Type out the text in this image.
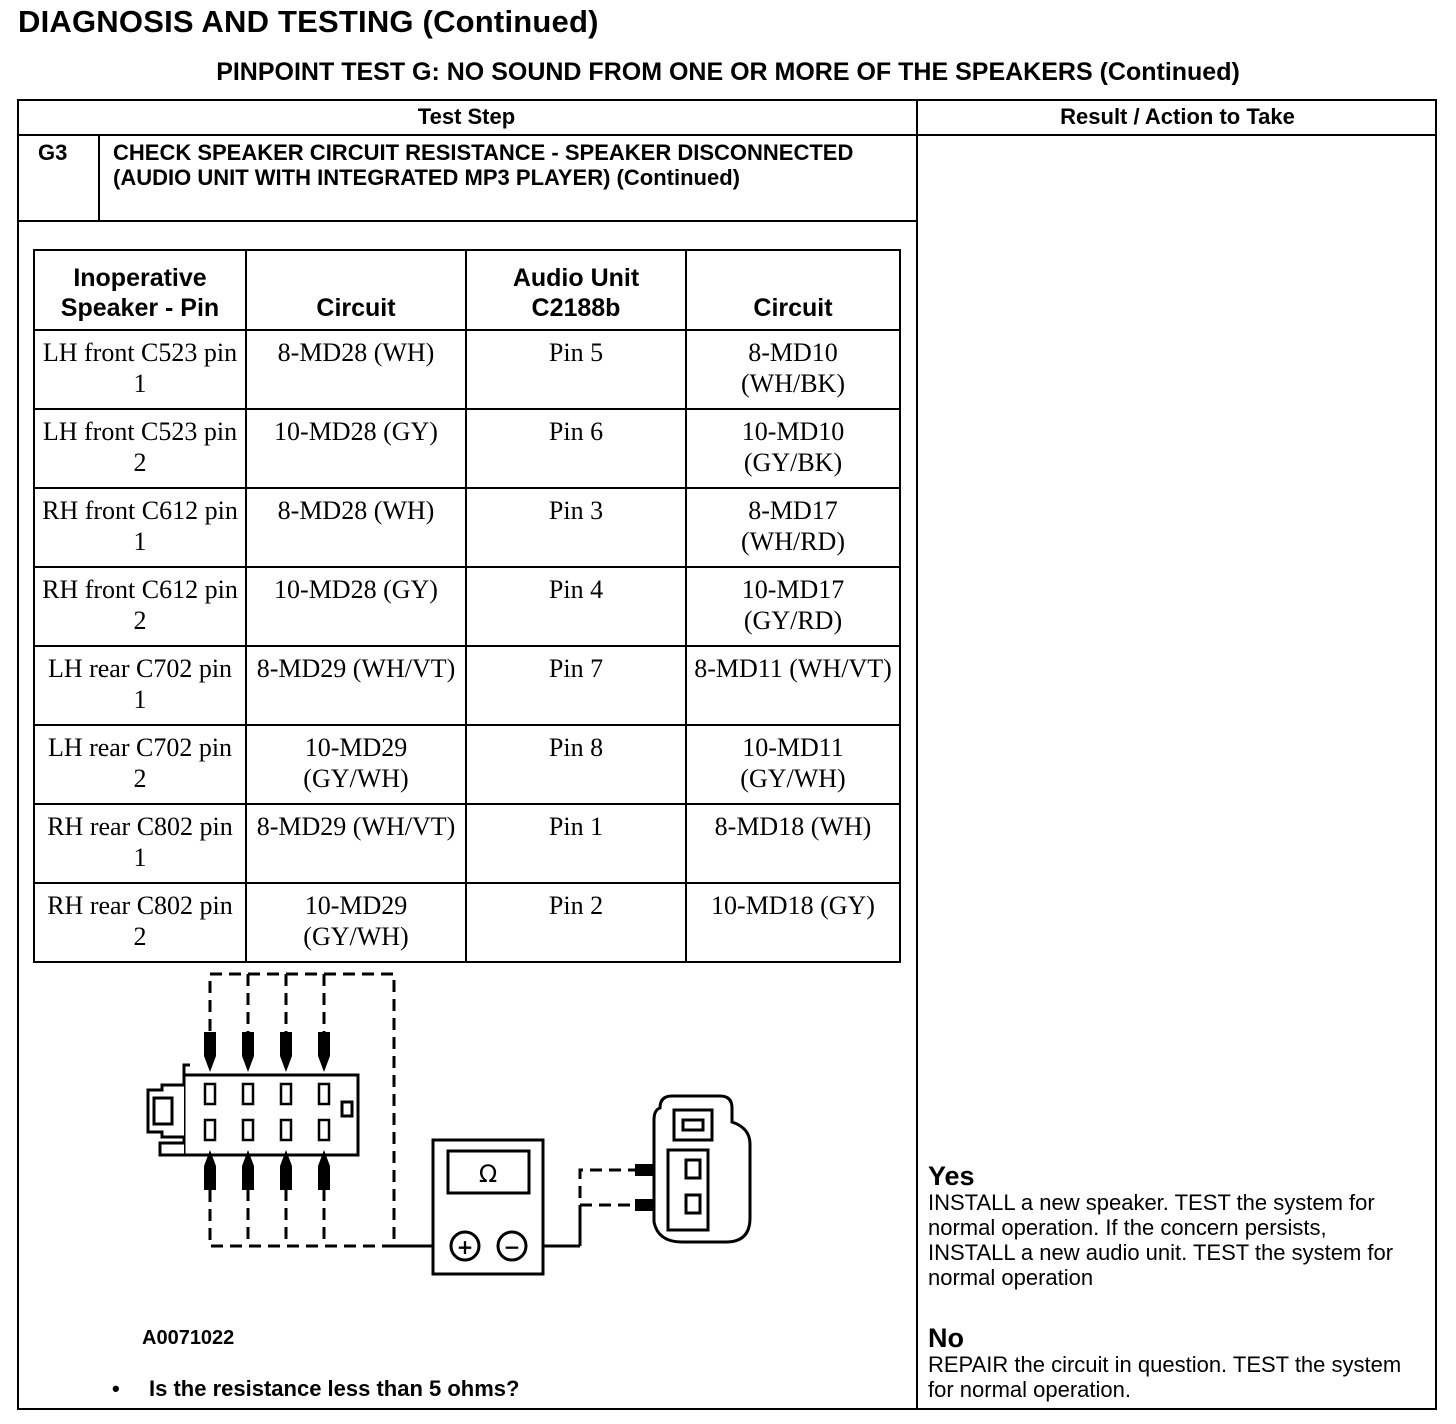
DIAGNOSIS AND TESTING (Continued)
PINPOINT TEST G: NO SOUND FROM ONE OR MORE OF THE SPEAKERS (Continued)
Test Step	Result / Action to Take
G3	CHECK SPEAKER CIRCUIT RESISTANCE - SPEAKER DISCONNECTED (AUDIO UNIT WITH INTEGRATED MP3 PLAYER) (Continued)
Inoperative Speaker - Pin	Circuit	Audio Unit C2188b	Circuit
LH front C523 pin 1	8-MD28 (WH)	Pin 5	8-MD10 (WH/BK)
LH front C523 pin 2	10-MD28 (GY)	Pin 6	10-MD10 (GY/BK)
RH front C612 pin 1	8-MD28 (WH)	Pin 3	8-MD17 (WH/RD)
RH front C612 pin 2	10-MD28 (GY)	Pin 4	10-MD17 (GY/RD)
LH rear C702 pin 1	8-MD29 (WH/VT)	Pin 7	8-MD11 (WH/VT)
LH rear C702 pin 2	10-MD29 (GY/WH)	Pin 8	10-MD11 (GY/WH)
RH rear C802 pin 1	8-MD29 (WH/VT)	Pin 1	8-MD18 (WH)
RH rear C802 pin 2	10-MD29 (GY/WH)	Pin 2	10-MD18 (GY)
Ω
+ −
A0071022
• Is the resistance less than 5 ohms?
Yes
INSTALL a new speaker. TEST the system for normal operation. If the concern persists, INSTALL a new audio unit. TEST the system for normal operation
No
REPAIR the circuit in question. TEST the system for normal operation.
